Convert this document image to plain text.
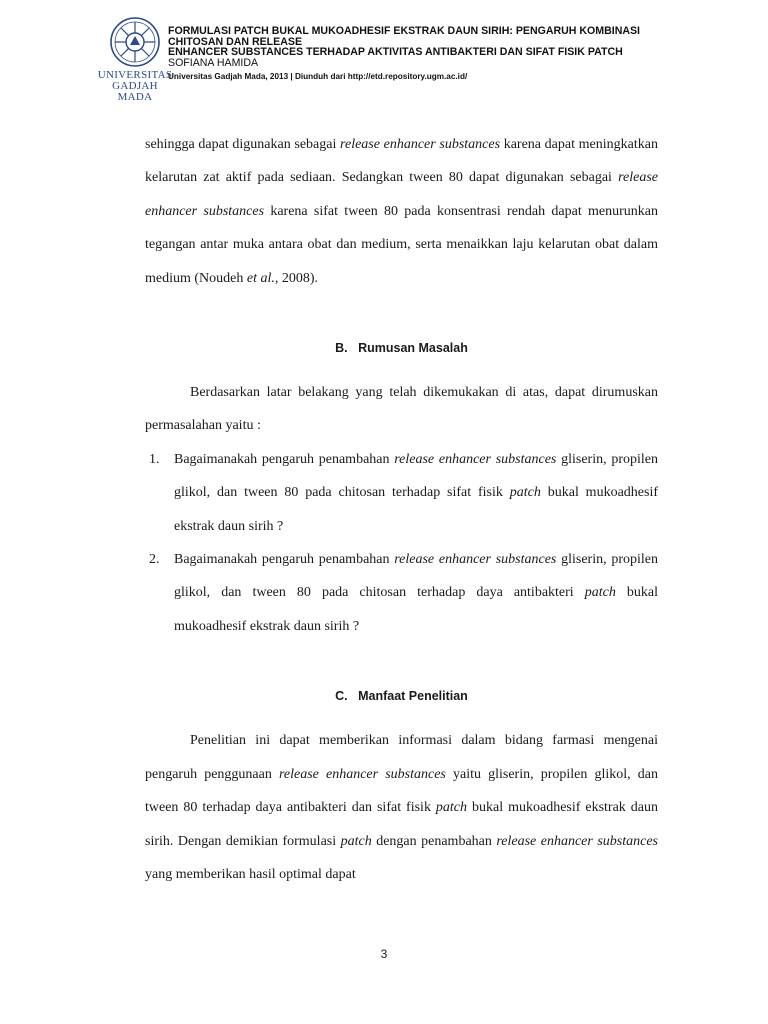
UNIVERSITAS
GADJAH MADA
FORMULASI PATCH BUKAL MUKOADHESIF EKSTRAK DAUN SIRIH: PENGARUH KOMBINASI
CHITOSAN DAN RELEASE
ENHANCER SUBSTANCES TERHADAP AKTIVITAS ANTIBAKTERI DAN SIFAT FISIK PATCH
SOFIANA HAMIDA
Universitas Gadjah Mada, 2013 | Diunduh dari http://etd.repository.ugm.ac.id/

sehingga dapat digunakan sebagai release enhancer substances karena dapat meningkatkan kelarutan zat aktif pada sediaan. Sedangkan tween 80 dapat digunakan sebagai release enhancer substances karena sifat tween 80 pada konsentrasi rendah dapat menurunkan tegangan antar muka antara obat dan medium, serta menaikkan laju kelarutan obat dalam medium (Noudeh et al., 2008).

B.   Rumusan Masalah

Berdasarkan latar belakang yang telah dikemukakan di atas, dapat dirumuskan permasalahan yaitu :

1. Bagaimanakah pengaruh penambahan release enhancer substances gliserin, propilen glikol, dan tween 80 pada chitosan terhadap sifat fisik patch bukal mukoadhesif ekstrak daun sirih ?
2. Bagaimanakah pengaruh penambahan release enhancer substances gliserin, propilen glikol, dan tween 80 pada chitosan terhadap daya antibakteri patch bukal mukoadhesif ekstrak daun sirih ?

C.   Manfaat Penelitian

Penelitian ini dapat memberikan informasi dalam bidang farmasi mengenai pengaruh penggunaan release enhancer substances yaitu gliserin, propilen glikol, dan tween 80 terhadap daya antibakteri dan sifat fisik patch bukal mukoadhesif ekstrak daun sirih. Dengan demikian formulasi patch dengan penambahan release enhancer substances yang memberikan hasil optimal dapat

3
